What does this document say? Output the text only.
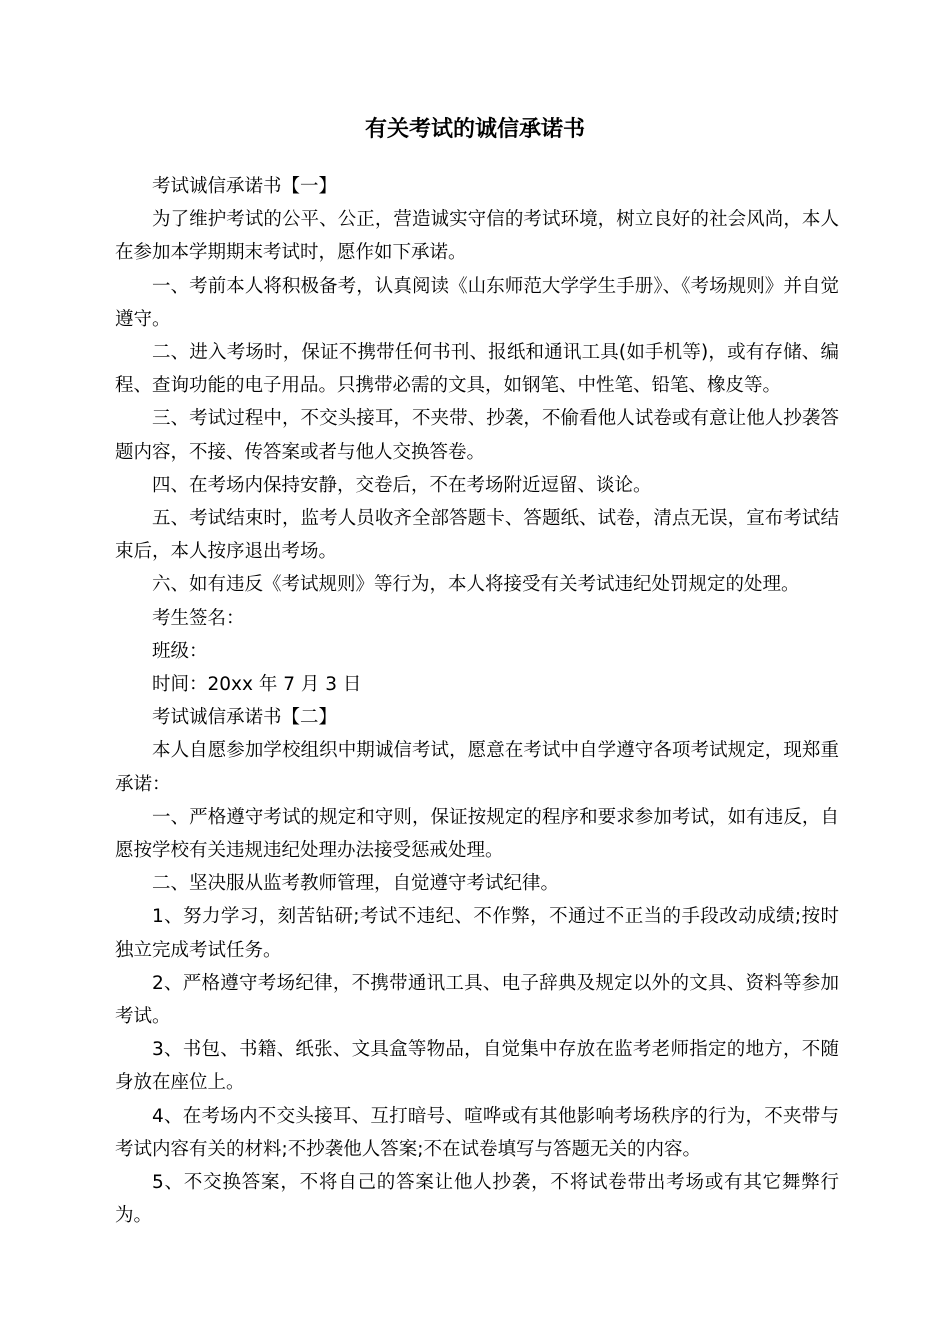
有关考试的诚信承诺书

考试诚信承诺书【一】

为了维护考试的公平、公正，营造诚实守信的考试环境，树立良好的社会风尚，本人在参加本学期期末考试时，愿作如下承诺。

一、考前本人将积极备考，认真阅读《山东师范大学学生手册》、《考场规则》并自觉遵守。

二、进入考场时，保证不携带任何书刊、报纸和通讯工具(如手机等)，或有存储、编程、查询功能的电子用品。只携带必需的文具，如钢笔、中性笔、铅笔、橡皮等。

三、考试过程中，不交头接耳，不夹带、抄袭，不偷看他人试卷或有意让他人抄袭答题内容，不接、传答案或者与他人交换答卷。

四、在考场内保持安静，交卷后，不在考场附近逗留、谈论。

五、考试结束时，监考人员收齐全部答题卡、答题纸、试卷，清点无误，宣布考试结束后，本人按序退出考场。

六、如有违反《考试规则》等行为，本人将接受有关考试违纪处罚规定的处理。

考生签名：

班级：

时间：20xx 年 7 月 3 日

考试诚信承诺书【二】

本人自愿参加学校组织中期诚信考试，愿意在考试中自学遵守各项考试规定，现郑重承诺：

一、严格遵守考试的规定和守则，保证按规定的程序和要求参加考试，如有违反，自愿按学校有关违规违纪处理办法接受惩戒处理。

二、坚决服从监考教师管理，自觉遵守考试纪律。

1、努力学习，刻苦钻研;考试不违纪、不作弊，不通过不正当的手段改动成绩;按时独立完成考试任务。

2、严格遵守考场纪律，不携带通讯工具、电子辞典及规定以外的文具、资料等参加考试。

3、书包、书籍、纸张、文具盒等物品，自觉集中存放在监考老师指定的地方，不随身放在座位上。

4、在考场内不交头接耳、互打暗号、喧哗或有其他影响考场秩序的行为，不夹带与考试内容有关的材料;不抄袭他人答案;不在试卷填写与答题无关的内容。

5、不交换答案，不将自己的答案让他人抄袭，不将试卷带出考场或有其它舞弊行为。
